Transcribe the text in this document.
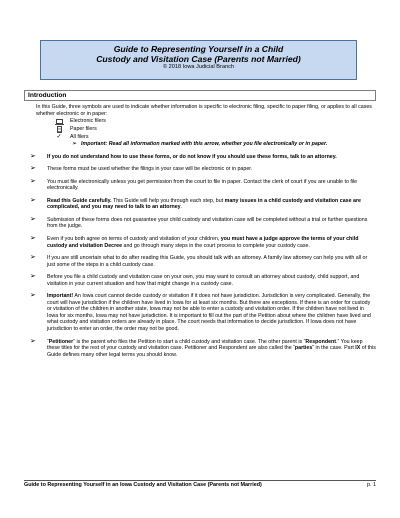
Guide to Representing Yourself in a Child
Custody and Visitation Case (Parents not Married)
© 2018 Iowa Judicial Branch
Introduction

In this Guide, three symbols are used to indicate whether information is specific to electronic filing, specific to paper filing, or applies to all cases whether electronic or in paper:

Electronic filers
Paper filers
✓ All filers
➢ Important: Read all information marked with this arrow, whether you file electronically or in paper.
➢	If you do not understand how to use these forms, or do not know if you should use these forms, talk to an attorney.
➢	These forms must be used whether the filings in your case will be electronic or in paper.
➢	You must file electronically unless you get permission from the court to file in paper. Contact the clerk of court if you are unable to file electronically.
➢	Read this Guide carefully. This Guide will help you through each step, but many issues in a child custody and visitation case are complicated, and you may need to talk to an attorney.
➢	Submission of these forms does not guarantee your child custody and visitation case will be completed without a trial or further questions from the judge.
➢	Even if you both agree on terms of custody and visitation of your children, you must have a judge approve the terms of your child custody and visitation Decree and go through many steps in the court process to complete your custody case.
➢	If you are still uncertain what to do after reading this Guide, you should talk with an attorney. A family law attorney can help you with all or just some of the steps in a child custody case.
➢	Before you file a child custody and visitation case on your own, you may want to consult an attorney about custody, child support, and visitation in your current situation and how that might change in a custody case.
➢	Important! An Iowa court cannot decide custody or visitation if it does not have jurisdiction. Jurisdiction is very complicated. Generally, the court will have jurisdiction if the children have lived in Iowa for at least six months. But there are exceptions. If there is an order for custody or visitation of the children in another state, Iowa may not be able to enter a custody and visitation order. If the children have not lived in Iowa for six months, Iowa may not have jurisdiction. It is important to fill out the part of the Petition about where the children have lived and what custody and visitation orders are already in place. The court needs that information to decide jurisdiction. If Iowa does not have jurisdiction to enter an order, the order may not be good.
➢	“Petitioner” is the parent who files the Petition to start a child custody and visitation case. The other parent is “Respondent.” You keep these titles for the rest of your custody and visitation case. Petitioner and Respondent are also called the “parties” in the case. Part IX of this Guide defines many other legal terms you should know.
Guide to Representing Yourself in an Iowa Custody and Visitation Case (Parents not Married)	p. 1
